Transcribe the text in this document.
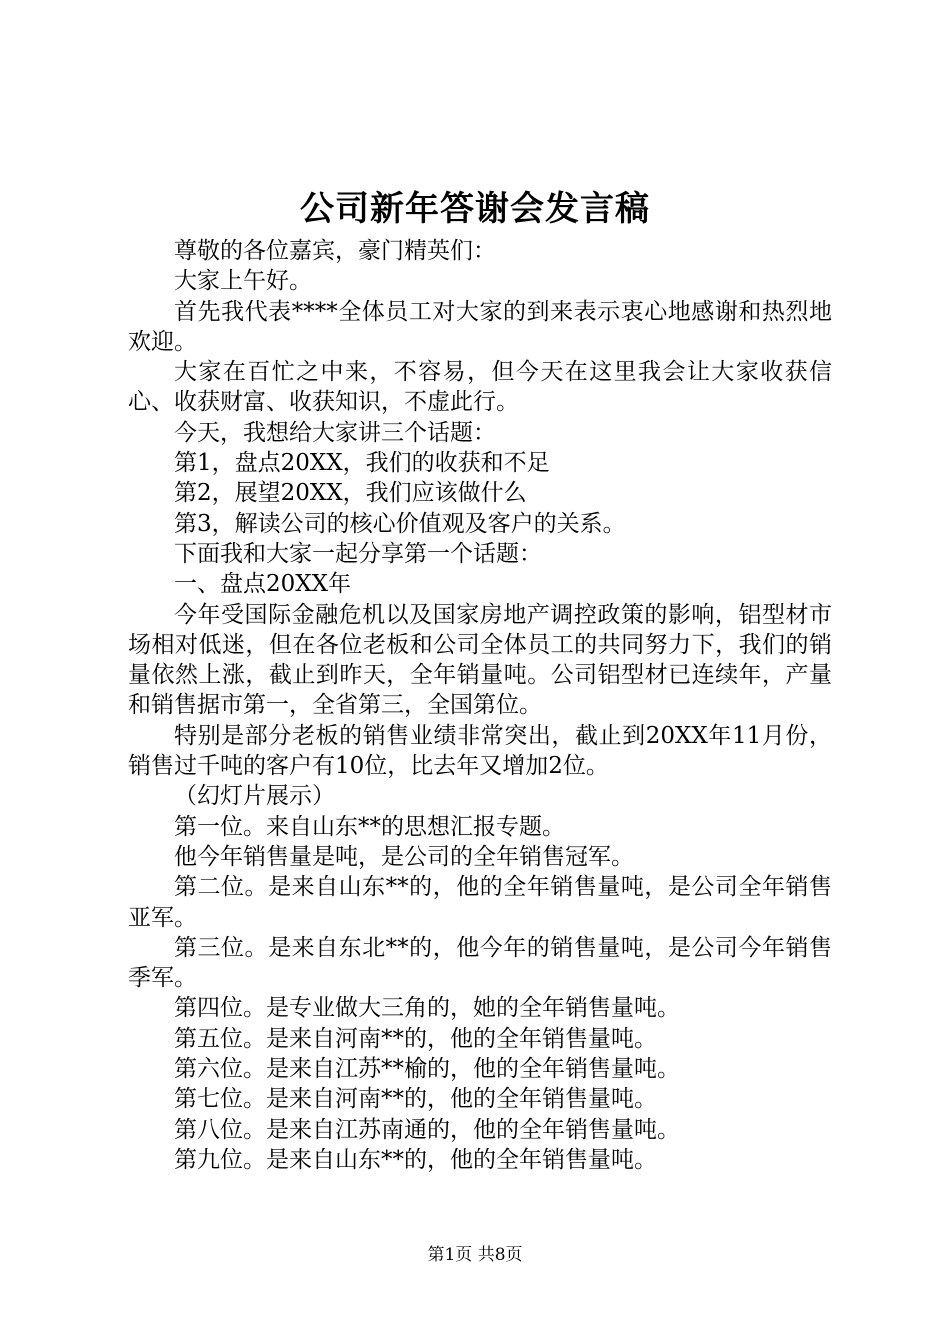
公司新年答谢会发言稿

尊敬的各位嘉宾，豪门精英们：

大家上午好。

首先我代表****全体员工对大家的到来表示衷心地感谢和热烈地欢迎。

大家在百忙之中来，不容易，但今天在这里我会让大家收获信心、收获财富、收获知识，不虚此行。

今天，我想给大家讲三个话题：

第1，盘点20XX，我们的收获和不足

第2，展望20XX，我们应该做什么

第3，解读公司的核心价值观及客户的关系。

下面我和大家一起分享第一个话题：

一、盘点20XX年

今年受国际金融危机以及国家房地产调控政策的影响，铝型材市场相对低迷，但在各位老板和公司全体员工的共同努力下，我们的销量依然上涨，截止到昨天，全年销量吨。公司铝型材已连续年，产量和销售据市第一，全省第三，全国第位。

特别是部分老板的销售业绩非常突出，截止到20XX年11月份，销售过千吨的客户有10位，比去年又增加2位。

（幻灯片展示）

第一位。来自山东**的思想汇报专题。

他今年销售量是吨，是公司的全年销售冠军。

第二位。是来自山东**的，他的全年销售量吨，是公司全年销售亚军。

第三位。是来自东北**的，他今年的销售量吨，是公司今年销售季军。

第四位。是专业做大三角的，她的全年销售量吨。

第五位。是来自河南**的，他的全年销售量吨。

第六位。是来自江苏**榆的，他的全年销售量吨。

第七位。是来自河南**的，他的全年销售量吨。

第八位。是来自江苏南通的，他的全年销售量吨。

第九位。是来自山东**的，他的全年销售量吨。

第1页 共8页
